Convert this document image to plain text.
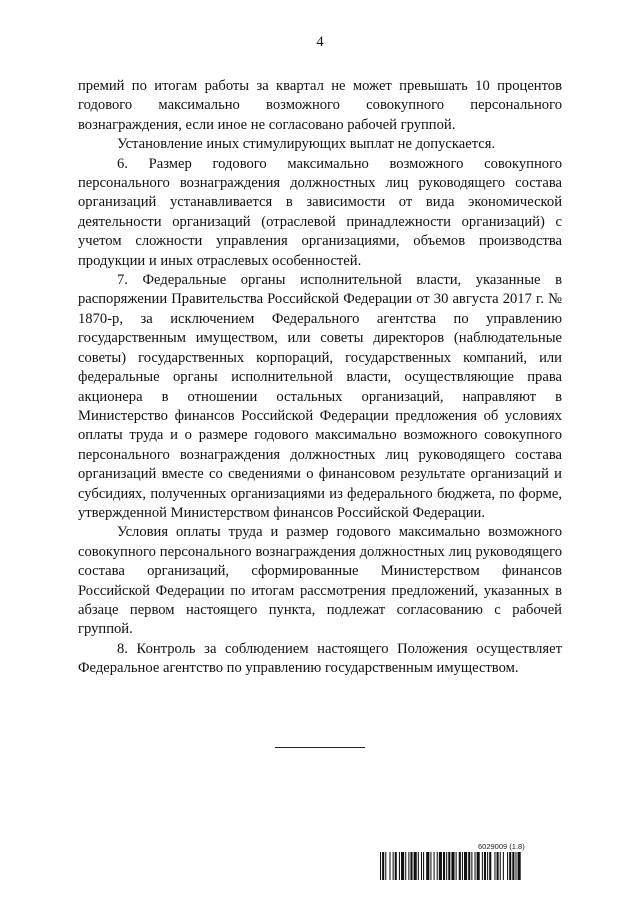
4

премий по итогам работы за квартал не может превышать 10 процентов годового максимально возможного совокупного персонального вознаграждения, если иное не согласовано рабочей группой.

Установление иных стимулирующих выплат не допускается.

6. Размер годового максимально возможного совокупного персонального вознаграждения должностных лиц руководящего состава организаций устанавливается в зависимости от вида экономической деятельности организаций (отраслевой принадлежности организаций) с учетом сложности управления организациями, объемов производства продукции и иных отраслевых особенностей.

7. Федеральные органы исполнительной власти, указанные в распоряжении Правительства Российской Федерации от 30 августа 2017 г. № 1870-р, за исключением Федерального агентства по управлению государственным имуществом, или советы директоров (наблюдательные советы) государственных корпораций, государственных компаний, или федеральные органы исполнительной власти, осуществляющие права акционера в отношении остальных организаций, направляют в Министерство финансов Российской Федерации предложения об условиях оплаты труда и о размере годового максимально возможного совокупного персонального вознаграждения должностных лиц руководящего состава организаций вместе со сведениями о финансовом результате организаций и субсидиях, полученных организациями из федерального бюджета, по форме, утвержденной Министерством финансов Российской Федерации.

Условия оплаты труда и размер годового максимально возможного совокупного персонального вознаграждения должностных лиц руководящего состава организаций, сформированные Министерством финансов Российской Федерации по итогам рассмотрения предложений, указанных в абзаце первом настоящего пункта, подлежат согласованию с рабочей группой.

8. Контроль за соблюдением настоящего Положения осуществляет Федеральное агентство по управлению государственным имуществом.

6029009 (1.8)
